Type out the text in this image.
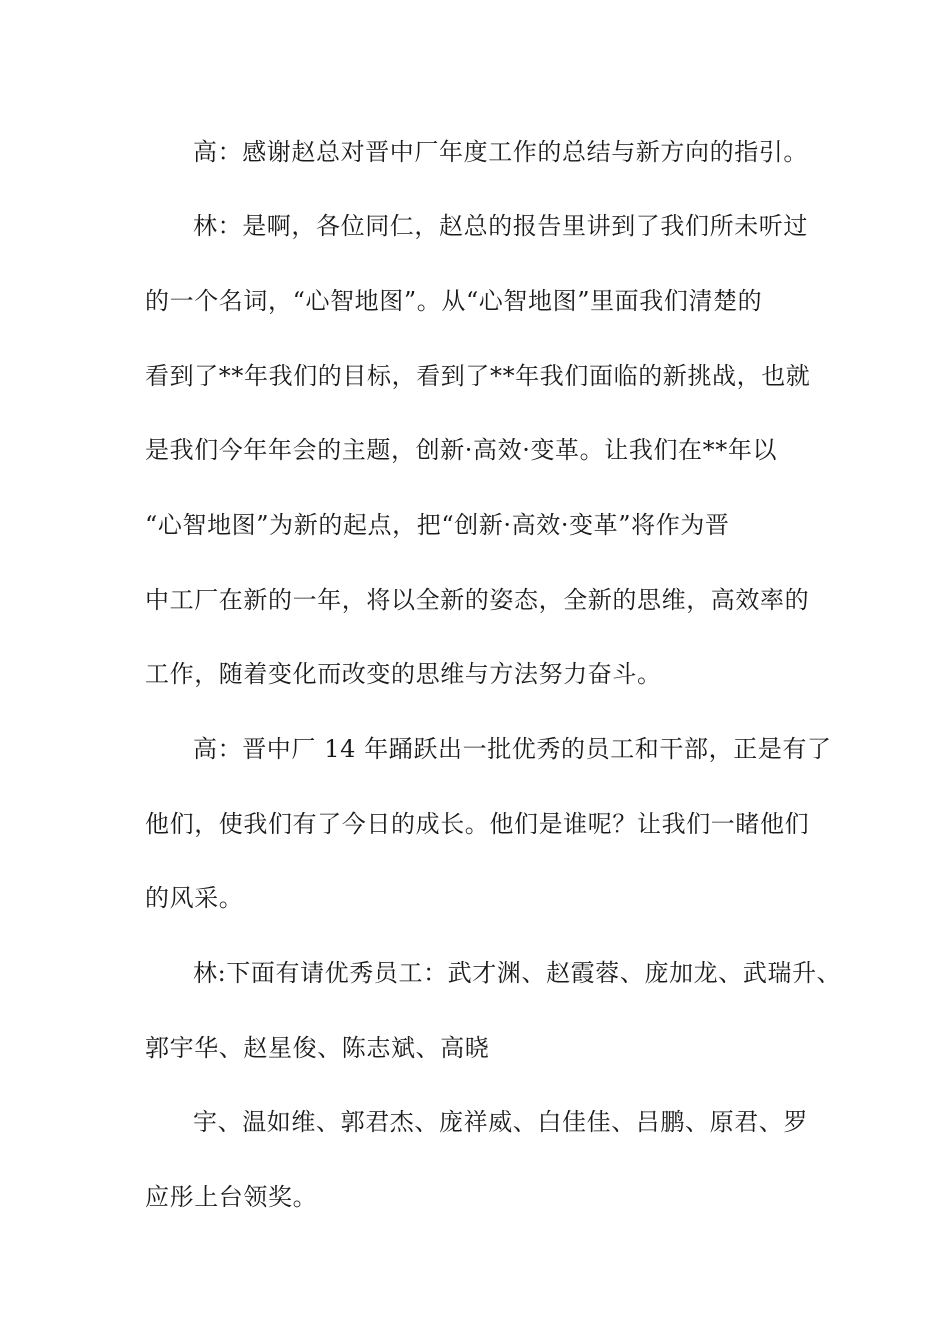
高：感谢赵总对晋中厂年度工作的总结与新方向的指引。
林：是啊，各位同仁，赵总的报告里讲到了我们所未听过
的一个名词，“心智地图”。从“心智地图”里面我们清楚的
看到了**年我们的目标，看到了**年我们面临的新挑战，也就
是我们今年年会的主题，创新·高效·变革。让我们在**年以
“心智地图”为新的起点，把“创新·高效·变革”将作为晋
中工厂在新的一年，将以全新的姿态，全新的思维，高效率的
工作，随着变化而改变的思维与方法努力奋斗。
高：晋中厂 14 年踊跃出一批优秀的员工和干部，正是有了
他们，使我们有了今日的成长。他们是谁呢？让我们一睹他们
的风采。
林:下面有请优秀员工：武才渊、赵霞蓉、庞加龙、武瑞升、
郭宇华、赵星俊、陈志斌、高晓
宇、温如维、郭君杰、庞祥威、白佳佳、吕鹏、原君、罗
应彤上台领奖。
